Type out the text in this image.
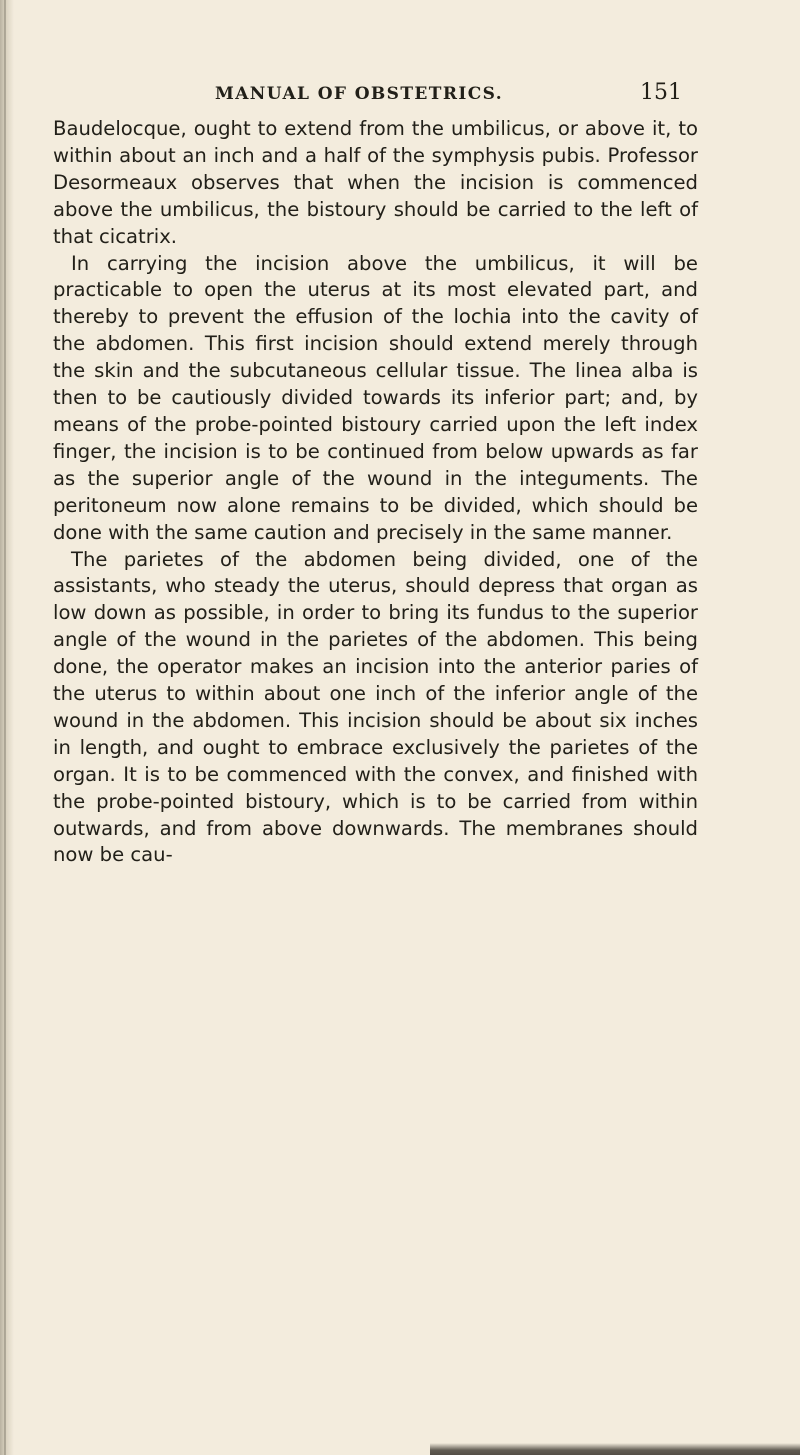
MANUAL OF OBSTETRICS.	151

Baudelocque, ought to extend from the umbilicus, or above it, to within about an inch and a half of the symphysis pubis. Professor Desormeaux observes that when the incision is commenced above the umbilicus, the bistoury should be carried to the left of that cicatrix.

In carrying the incision above the umbilicus, it will be practicable to open the uterus at its most elevated part, and thereby to prevent the effusion of the lochia into the cavity of the abdomen. This first incision should extend merely through the skin and the subcutaneous cellular tissue. The linea alba is then to be cautiously divided towards its inferior part; and, by means of the probe-pointed bistoury carried upon the left index finger, the incision is to be continued from below upwards as far as the superior angle of the wound in the integuments. The peritoneum now alone remains to be divided, which should be done with the same caution and precisely in the same manner.

The parietes of the abdomen being divided, one of the assistants, who steady the uterus, should depress that organ as low down as possible, in order to bring its fundus to the superior angle of the wound in the parietes of the abdomen. This being done, the operator makes an incision into the anterior paries of the uterus to within about one inch of the inferior angle of the wound in the abdomen. This incision should be about six inches in length, and ought to embrace exclusively the parietes of the organ. It is to be commenced with the convex, and finished with the probe-pointed bistoury, which is to be carried from within outwards, and from above downwards. The membranes should now be cau-
